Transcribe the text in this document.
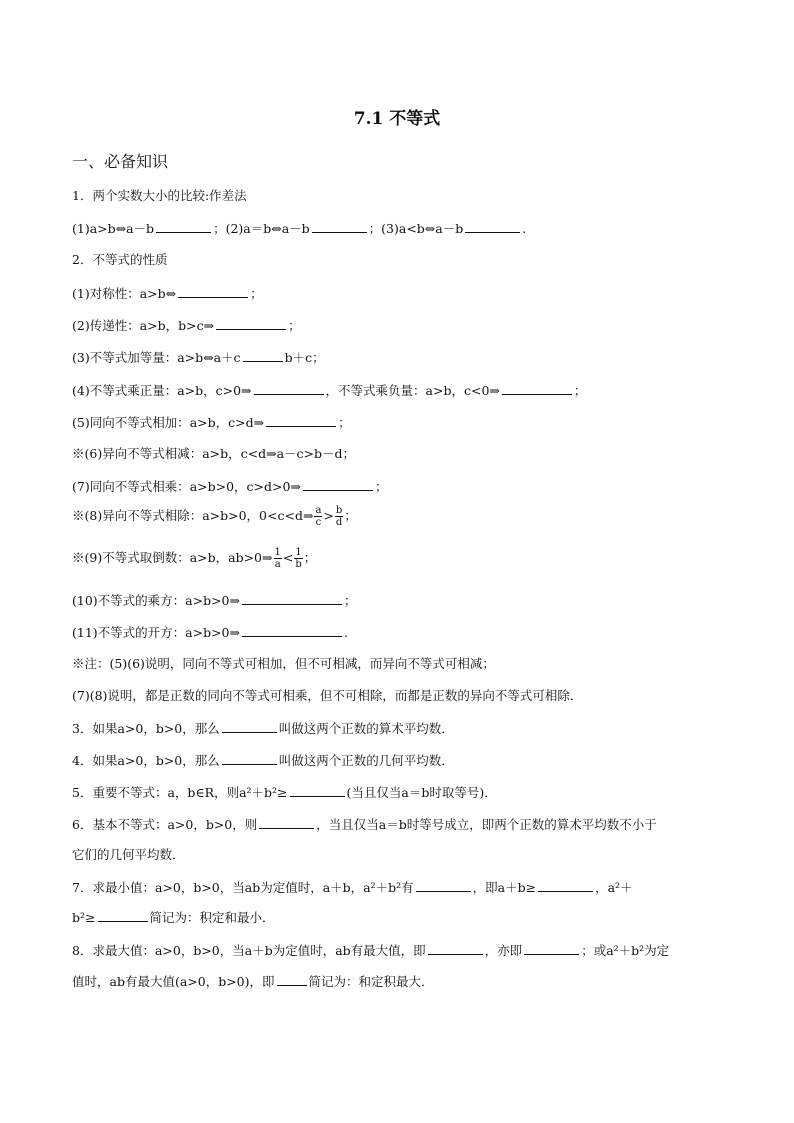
7.1 不等式
一、必备知识
1．两个实数大小的比较:作差法
(1)a>b⇔a－b	；(2)a＝b⇔a－b	；(3)a<b⇔a－b	.
2．不等式的性质
(1)对称性：a>b⇔	；
(2)传递性：a>b，b>c⇒	；
(3)不等式加等量：a>b⇔a＋c	b＋c；
(4)不等式乘正量：a>b，c>0⇒	，不等式乘负量：a>b，c<0⇒	；
(5)同向不等式相加：a>b，c>d⇒	；
※(6)异向不等式相减：a>b，c<d⇒a－c>b－d；
(7)同向不等式相乘：a>b>0，c>d>0⇒	；
※(8)异向不等式相除：a>b>0，0<c<d⇒ $\frac{a}{c} > \frac{b}{d}$ ；
※(9)不等式取倒数：a>b，ab>0⇒ $\frac{1}{a} < \frac{1}{b}$ ；
(10)不等式的乘方：a>b>0⇒	；
(11)不等式的开方：a>b>0⇒	.
※注：(5)(6)说明，同向不等式可相加，但不可相减，而异向不等式可相减；
(7)(8)说明，都是正数的同向不等式可相乘，但不可相除，而都是正数的异向不等式可相除．
3．如果a>0，b>0，那么	叫做这两个正数的算术平均数．
4．如果a>0，b>0，那么	叫做这两个正数的几何平均数．
5．重要不等式：a，b∈R，则a²＋b²≥	(当且仅当a＝b时取等号)．
6．基本不等式：a>0，b>0，则	，当且仅当a＝b时等号成立，即两个正数的算术平均数不小于
它们的几何平均数．
7．求最小值：a>0，b>0，当ab为定值时，a＋b，a²＋b²有	，即a＋b≥	，a²＋
b²≥	简记为：积定和最小．
8．求最大值：a>0，b>0，当a＋b为定值时，ab有最大值，即	，亦即	；或a²＋b²为定
值时，ab有最大值(a>0，b>0)，即	简记为：和定积最大．
